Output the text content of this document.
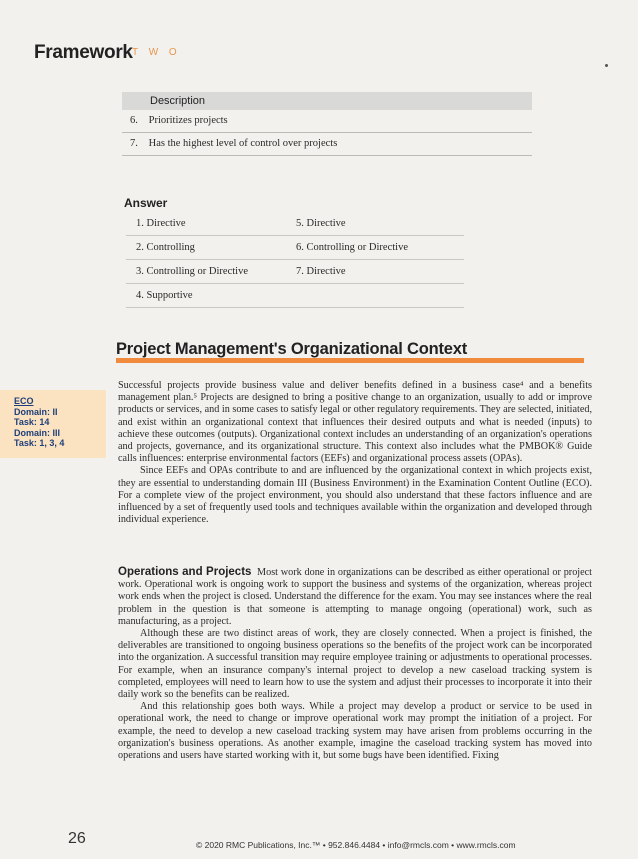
Framework T W O
Description
6. Prioritizes projects
7. Has the highest level of control over projects
Answer
1. Directive	5. Directive
2. Controlling	6. Controlling or Directive
3. Controlling or Directive	7. Directive
4. Supportive
Project Management's Organizational Context
ECO
Domain: II
Task: 14
Domain: III
Task: 1, 3, 4

Successful projects provide business value and deliver benefits defined in a business case⁴ and a benefits management plan.⁵ Projects are designed to bring a positive change to an organization, usually to add or improve products or services, and in some cases to satisfy legal or other regulatory requirements. They are selected, initiated, and exist within an organizational context that influences their desired outputs and what is needed (inputs) to achieve these outcomes (outputs). Organizational context includes an understanding of an organization's operations and projects, governance, and its organizational structure. This context also includes what the PMBOK® Guide calls influences: enterprise environmental factors (EEFs) and organizational process assets (OPAs).

Since EEFs and OPAs contribute to and are influenced by the organizational context in which projects exist, they are essential to understanding domain III (Business Environment) in the Examination Content Outline (ECO). For a complete view of the project environment, you should also understand that these factors influence and are influenced by a set of frequently used tools and techniques available within the organization and developed through individual experience.

Operations and Projects Most work done in organizations can be described as either operational or project work. Operational work is ongoing work to support the business and systems of the organization, whereas project work ends when the project is closed. Understand the difference for the exam. You may see instances where the real problem in the question is that someone is attempting to manage ongoing (operational) work, such as manufacturing, as a project.

Although these are two distinct areas of work, they are closely connected. When a project is finished, the deliverables are transitioned to ongoing business operations so the benefits of the project work can be incorporated into the organization. A successful transition may require employee training or adjustments to operational processes. For example, when an insurance company's internal project to develop a new caseload tracking system is completed, employees will need to learn how to use the system and adjust their processes to incorporate it into their daily work so the benefits can be realized.

And this relationship goes both ways. While a project may develop a product or service to be used in operational work, the need to change or improve operational work may prompt the initiation of a project. For example, the need to develop a new caseload tracking system may have arisen from problems occurring in the organization's business operations. As another example, imagine the caseload tracking system has moved into operations and users have started working with it, but some bugs have been identified. Fixing

26	© 2020 RMC Publications, Inc.™ • 952.846.4484 • info@rmcls.com • www.rmcls.com
